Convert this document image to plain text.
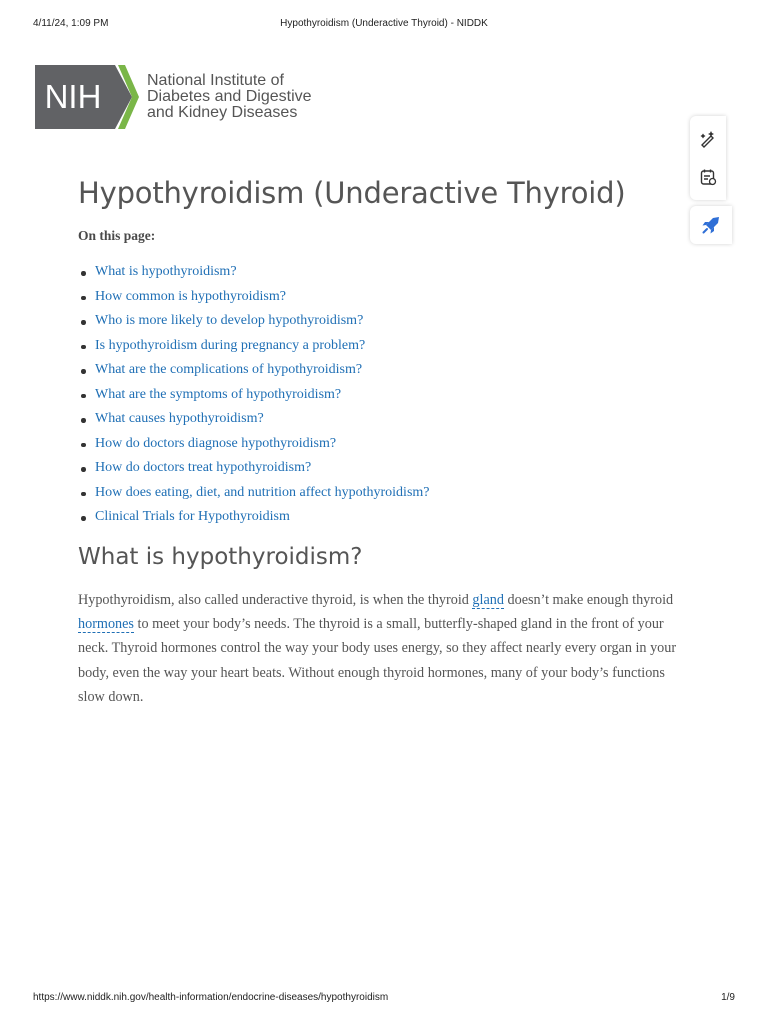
4/11/24, 1:09 PM	Hypothyroidism (Underactive Thyroid) - NIDDK
NIH	National Institute of
Diabetes and Digestive
and Kidney Diseases
Hypothyroidism (Underactive Thyroid)
On this page:
What is hypothyroidism?
How common is hypothyroidism?
Who is more likely to develop hypothyroidism?
Is hypothyroidism during pregnancy a problem?
What are the complications of hypothyroidism?
What are the symptoms of hypothyroidism?
What causes hypothyroidism?
How do doctors diagnose hypothyroidism?
How do doctors treat hypothyroidism?
How does eating, diet, and nutrition affect hypothyroidism?
Clinical Trials for Hypothyroidism
What is hypothyroidism?
Hypothyroidism, also called underactive thyroid, is when the thyroid gland doesn’t make enough thyroid hormones to meet your body’s needs. The thyroid is a small, butterfly-shaped gland in the front of your neck. Thyroid hormones control the way your body uses energy, so they affect nearly every organ in your body, even the way your heart beats. Without enough thyroid hormones, many of your body’s functions slow down.
https://www.niddk.nih.gov/health-information/endocrine-diseases/hypothyroidism	1/9
